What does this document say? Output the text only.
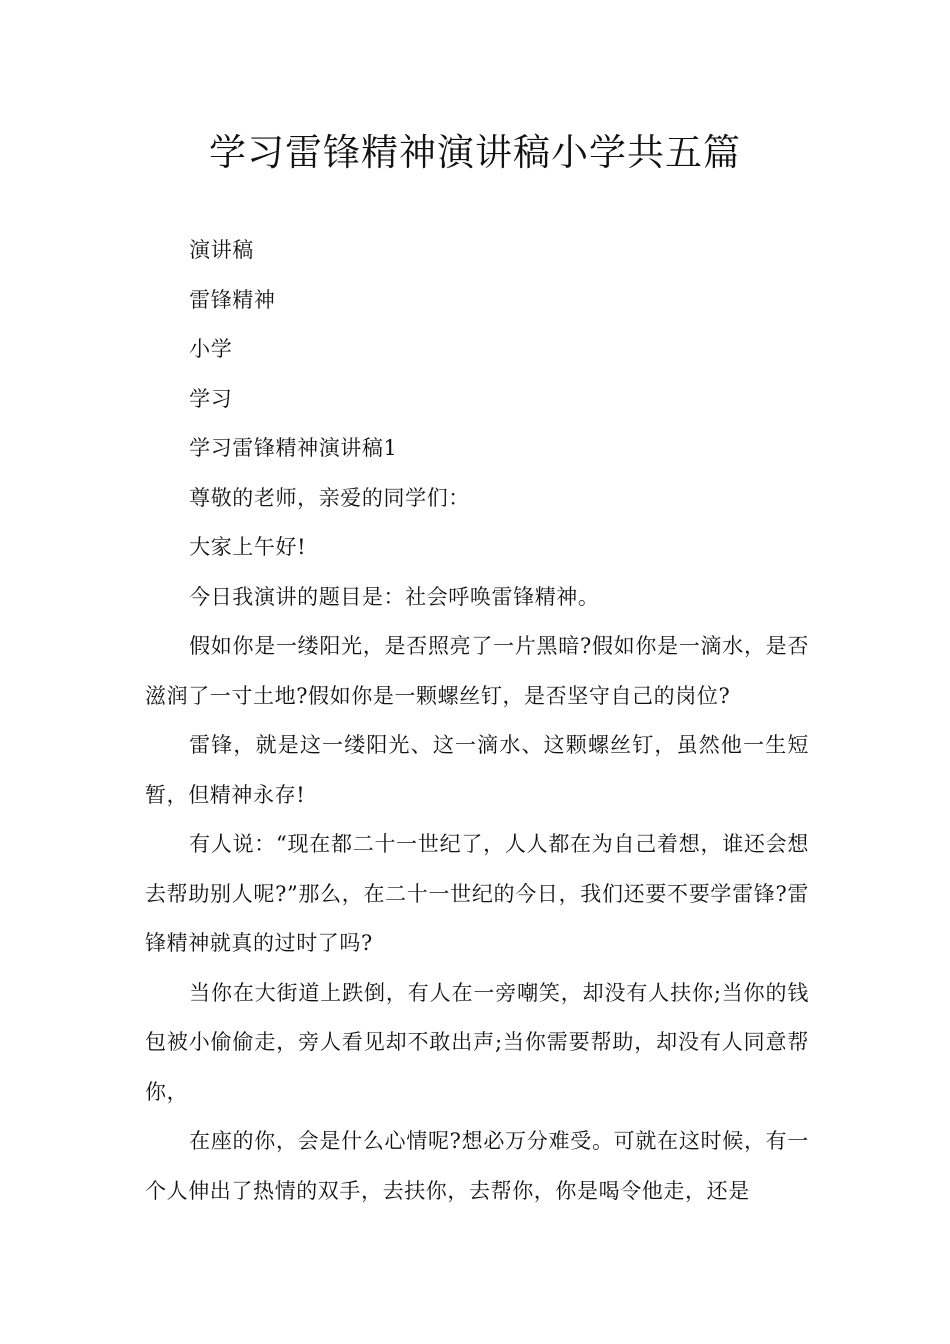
学习雷锋精神演讲稿小学共五篇

演讲稿

雷锋精神

小学

学习

学习雷锋精神演讲稿1

尊敬的老师，亲爱的同学们：

大家上午好!

今日我演讲的题目是：社会呼唤雷锋精神。

假如你是一缕阳光，是否照亮了一片黑暗?假如你是一滴水，是否滋润了一寸土地?假如你是一颗螺丝钉，是否坚守自己的岗位?

雷锋，就是这一缕阳光、这一滴水、这颗螺丝钉，虽然他一生短暂，但精神永存!

有人说：“现在都二十一世纪了，人人都在为自己着想，谁还会想去帮助别人呢?”那么，在二十一世纪的今日，我们还要不要学雷锋?雷锋精神就真的过时了吗?

当你在大街道上跌倒，有人在一旁嘲笑，却没有人扶你;当你的钱包被小偷偷走，旁人看见却不敢出声;当你需要帮助，却没有人同意帮你，

在座的你，会是什么心情呢?想必万分难受。可就在这时候，有一个人伸出了热情的双手，去扶你，去帮你，你是喝令他走，还是
